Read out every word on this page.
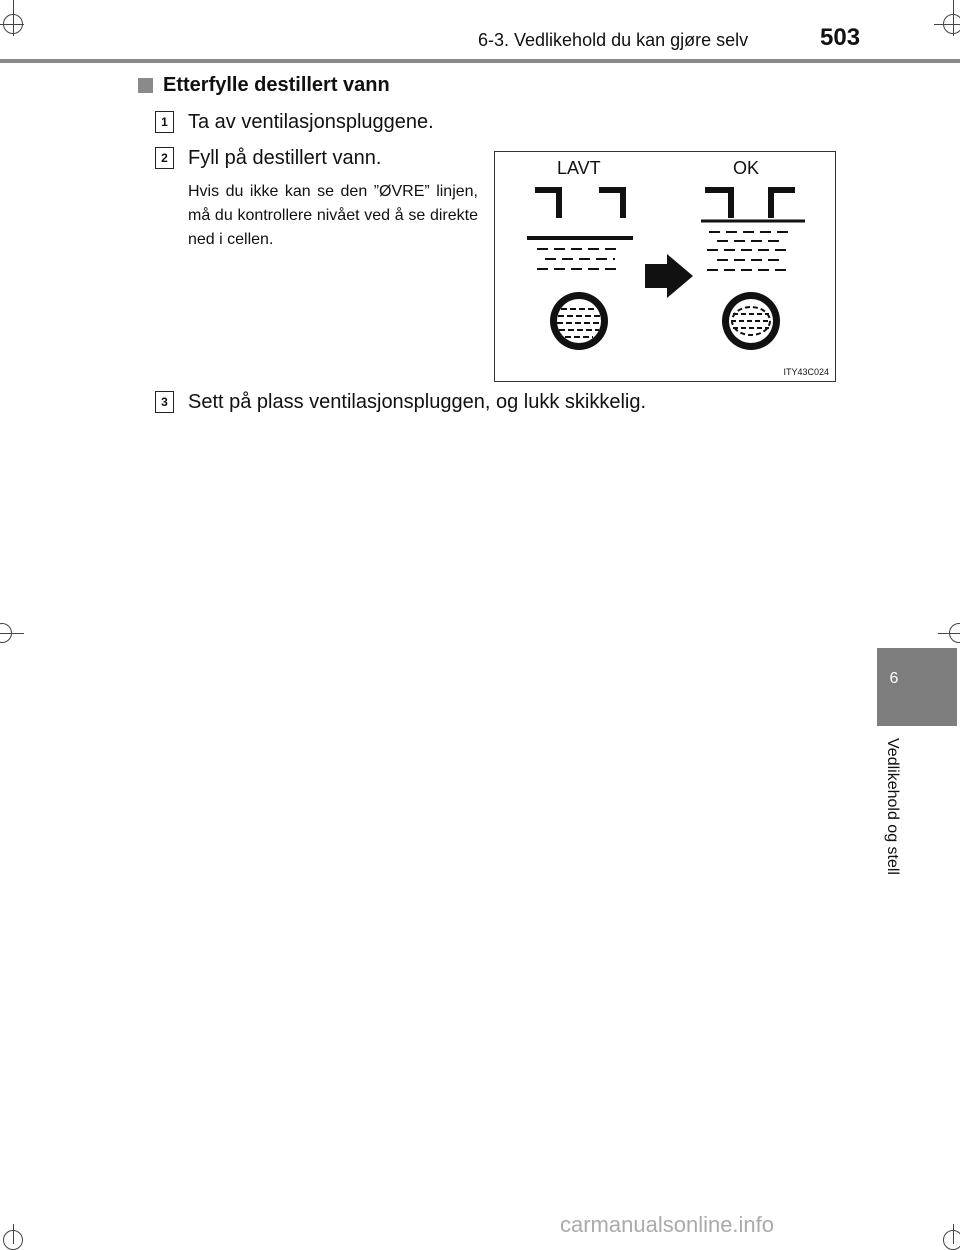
6-3. Vedlikehold du kan gjøre selv	503
Etterfylle destillert vann
1	Ta av ventilasjonspluggene.
2	Fyll på destillert vann.
Hvis du ikke kan se den ”ØVRE” linjen, må du kontrollere nivået ved å se direkte ned i cellen.
LAVT	OK
ITY43C024
3	Sett på plass ventilasjonspluggen, og lukk skikkelig.
6
Vedlikehold og stell
carmanualsonline.info
